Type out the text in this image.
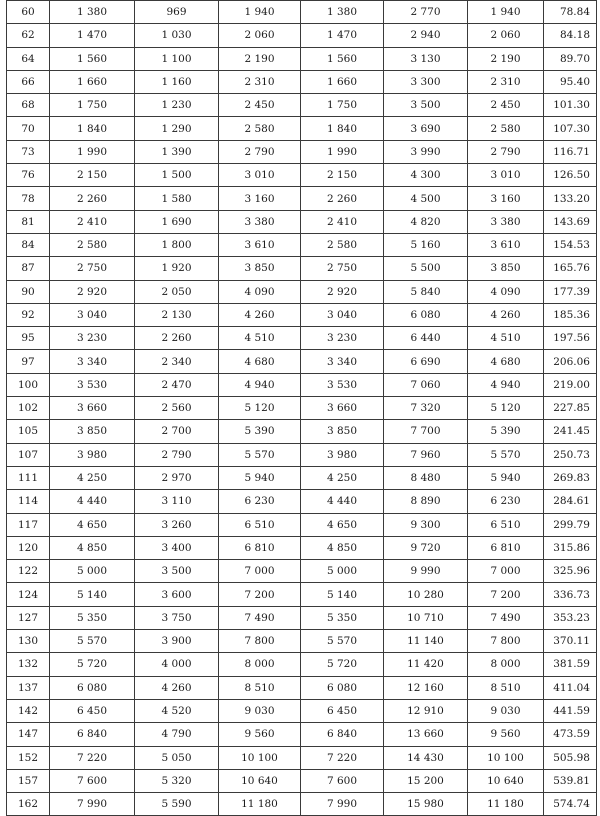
60	1 380	969	1 940	1 380	2 770	1 940	78.84
62	1 470	1 030	2 060	1 470	2 940	2 060	84.18
64	1 560	1 100	2 190	1 560	3 130	2 190	89.70
66	1 660	1 160	2 310	1 660	3 300	2 310	95.40
68	1 750	1 230	2 450	1 750	3 500	2 450	101.30
70	1 840	1 290	2 580	1 840	3 690	2 580	107.30
73	1 990	1 390	2 790	1 990	3 990	2 790	116.71
76	2 150	1 500	3 010	2 150	4 300	3 010	126.50
78	2 260	1 580	3 160	2 260	4 500	3 160	133.20
81	2 410	1 690	3 380	2 410	4 820	3 380	143.69
84	2 580	1 800	3 610	2 580	5 160	3 610	154.53
87	2 750	1 920	3 850	2 750	5 500	3 850	165.76
90	2 920	2 050	4 090	2 920	5 840	4 090	177.39
92	3 040	2 130	4 260	3 040	6 080	4 260	185.36
95	3 230	2 260	4 510	3 230	6 440	4 510	197.56
97	3 340	2 340	4 680	3 340	6 690	4 680	206.06
100	3 530	2 470	4 940	3 530	7 060	4 940	219.00
102	3 660	2 560	5 120	3 660	7 320	5 120	227.85
105	3 850	2 700	5 390	3 850	7 700	5 390	241.45
107	3 980	2 790	5 570	3 980	7 960	5 570	250.73
111	4 250	2 970	5 940	4 250	8 480	5 940	269.83
114	4 440	3 110	6 230	4 440	8 890	6 230	284.61
117	4 650	3 260	6 510	4 650	9 300	6 510	299.79
120	4 850	3 400	6 810	4 850	9 720	6 810	315.86
122	5 000	3 500	7 000	5 000	9 990	7 000	325.96
124	5 140	3 600	7 200	5 140	10 280	7 200	336.73
127	5 350	3 750	7 490	5 350	10 710	7 490	353.23
130	5 570	3 900	7 800	5 570	11 140	7 800	370.11
132	5 720	4 000	8 000	5 720	11 420	8 000	381.59
137	6 080	4 260	8 510	6 080	12 160	8 510	411.04
142	6 450	4 520	9 030	6 450	12 910	9 030	441.59
147	6 840	4 790	9 560	6 840	13 660	9 560	473.59
152	7 220	5 050	10 100	7 220	14 430	10 100	505.98
157	7 600	5 320	10 640	7 600	15 200	10 640	539.81
162	7 990	5 590	11 180	7 990	15 980	11 180	574.74
